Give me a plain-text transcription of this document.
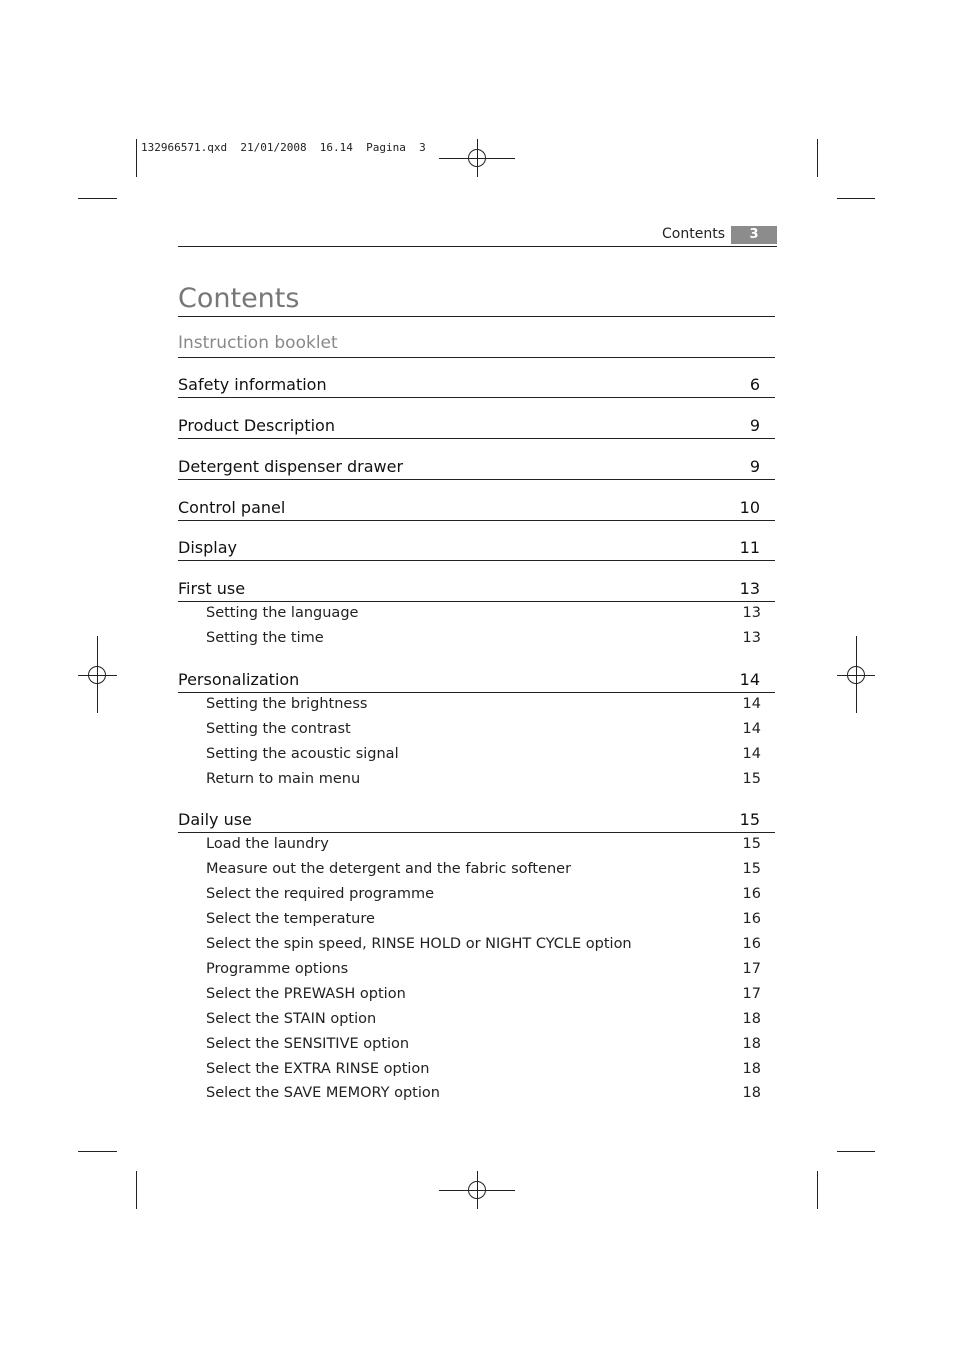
132966571.qxd  21/01/2008  16.14  Pagina  3
Contents	3
Contents
Instruction booklet
Safety information	6
Product Description	9
Detergent dispenser drawer	9
Control panel	10
Display	11
First use	13
Setting the language	13
Setting the time	13
Personalization	14
Setting the brightness	14
Setting the contrast	14
Setting the acoustic signal	14
Return to main menu	15
Daily use	15
Load the laundry	15
Measure out the detergent and the fabric softener	15
Select the required programme	16
Select the temperature	16
Select the spin speed, RINSE HOLD or NIGHT CYCLE option	16
Programme options	17
Select the PREWASH option	17
Select the STAIN option	18
Select the SENSITIVE option	18
Select the EXTRA RINSE option	18
Select the SAVE MEMORY option	18
